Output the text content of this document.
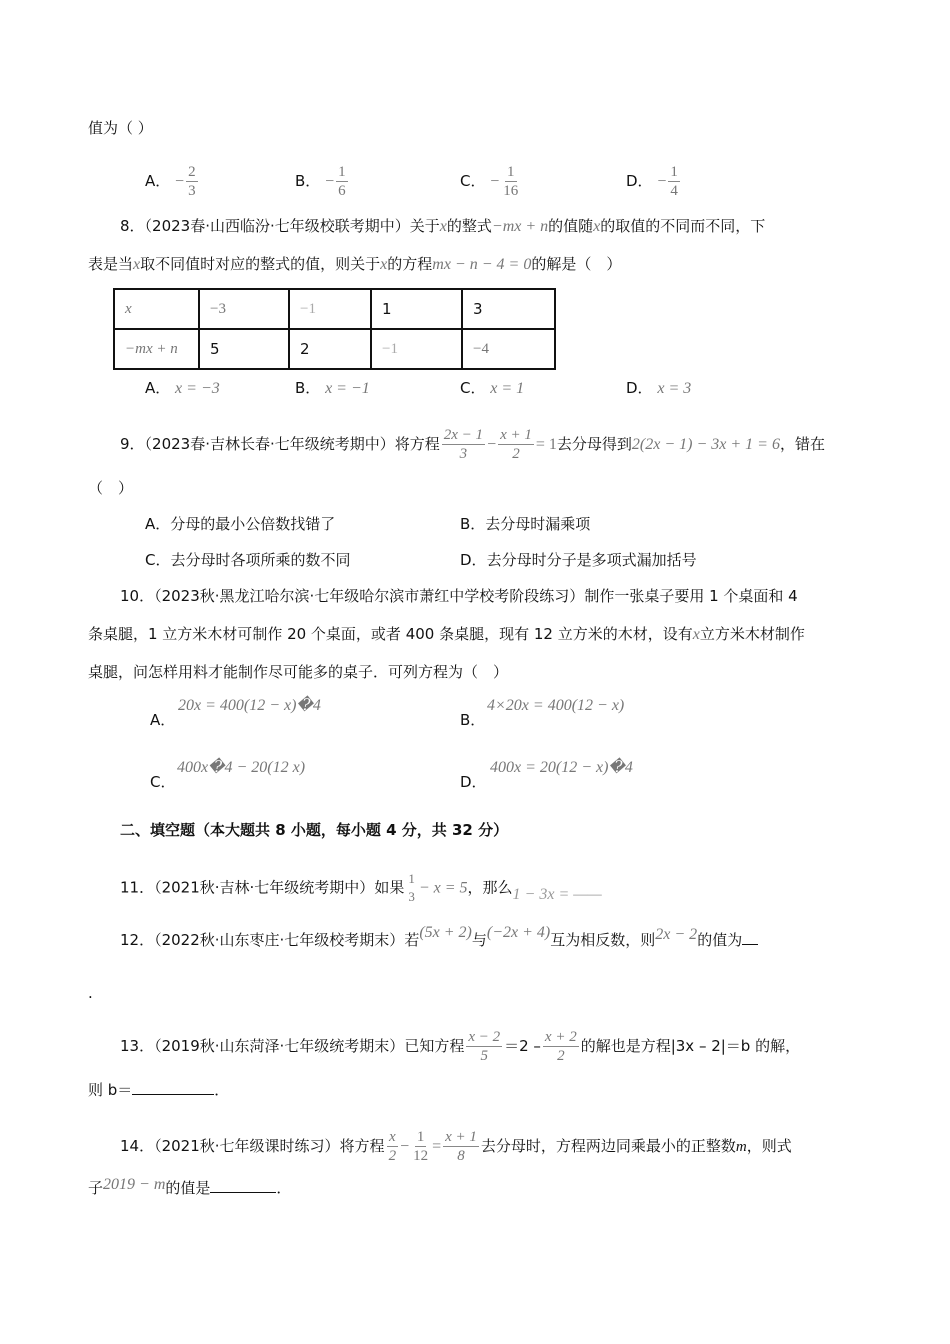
值为（ ）
A． − $\frac{2}{3}$	B． − $\frac{1}{6}$	C． − $\frac{1}{16}$	D． − $\frac{1}{4}$
8．（2023春·山西临汾·七年级校联考期中）关于x的整式−mx + n的值随x的取值的不同而不同，下
表是当x取不同值时对应的整式的值，则关于x的方程mx − n − 4 = 0的解是（　）
x	−3	−1	1	3
−mx + n	5	2	−1	−4
A． x = −3	B． x = −1	C． x = 1	D． x = 3
9．（2023春·吉林长春·七年级统考期中）将方程 $\frac{2x - 1}{3} - \frac{x + 1}{2} = 1$去分母得到2(2x − 1) − 3x + 1 = 6，错在
（　）
A．分母的最小公倍数找错了	B．去分母时漏乘项
C．去分母时各项所乘的数不同	D．去分母时分子是多项式漏加括号
10．（2023秋·黑龙江哈尔滨·七年级哈尔滨市萧红中学校考阶段练习）制作一张桌子要用 1 个桌面和 4
条桌腿，1 立方米木材可制作 20 个桌面，或者 400 条桌腿，现有 12 立方米的木材，设有x立方米木材制作
桌腿，问怎样用料才能制作尽可能多的桌子．可列方程为（　）
A．
20x = 400(12 − x)�4
B．
4×20x = 400(12 − x)
C．
400x�4 − 20(12 x)
D．
400x = 20(12 − x)�4
二、填空题（本大题共 8 小题，每小题 4 分，共 32 分）
11．（2021秋·吉林·七年级统考期中）如果 1
3 − x = 5，那么1 − 3x = ——
12．（2022秋·山东枣庄·七年级校考期末）若(5x + 2)与(−2x + 4)互为相反数，则2x − 2的值为
.
13．（2019秋·山东菏泽·七年级统考期末）已知方程 $\frac{x - 2}{5} =2 - \frac{x + 2}{2}$ 的解也是方程|3x – 2|＝b 的解，
则 b＝	．
14．（2021秋·七年级课时练习）将方程 $\frac{x}{2} - \frac{1}{12} = \frac{x + 1}{8}$ 去分母时，方程两边同乘最小的正整数m，则式
子2019 − m的值是	．
